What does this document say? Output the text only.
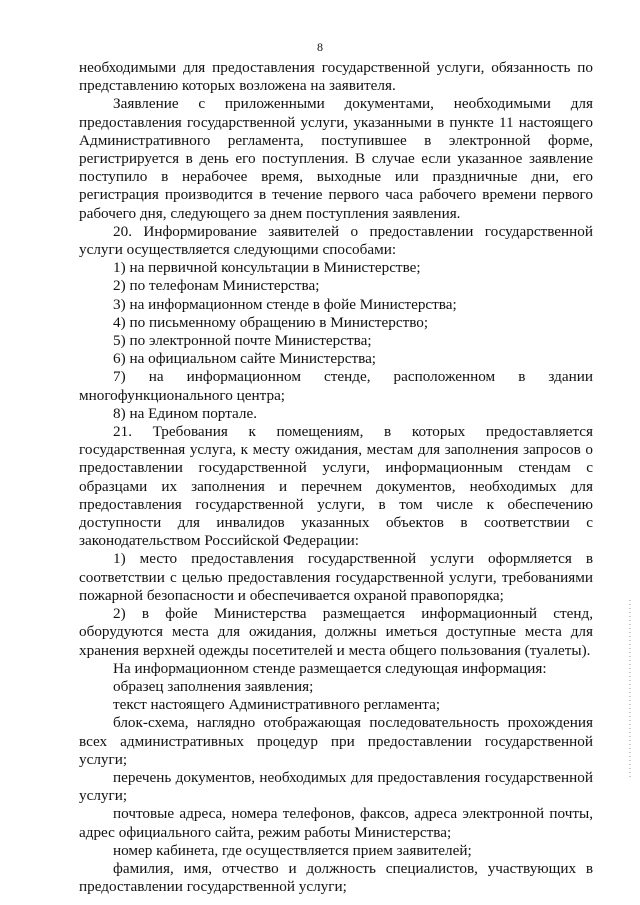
8

необходимыми для предоставления государственной услуги, обязанность по представлению которых возложена на заявителя.

Заявление с приложенными документами, необходимыми для предоставления государственной услуги, указанными в пункте 11 настоящего Административного регламента, поступившее в электронной форме, регистрируется в день его поступления. В случае если указанное заявление поступило в нерабочее время, выходные или праздничные дни, его регистрация производится в течение первого часа рабочего времени первого рабочего дня, следующего за днем поступления заявления.

20. Информирование заявителей о предоставлении государственной услуги осуществляется следующими способами:

1) на первичной консультации в Министерстве;

2) по телефонам Министерства;

3) на информационном стенде в фойе Министерства;

4) по письменному обращению в Министерство;

5) по электронной почте Министерства;

6) на официальном сайте Министерства;

7) на информационном стенде, расположенном в здании многофункционального центра;

8) на Едином портале.

21. Требования к помещениям, в которых предоставляется государственная услуга, к месту ожидания, местам для заполнения запросов о предоставлении государственной услуги, информационным стендам с образцами их заполнения и перечнем документов, необходимых для предоставления государственной услуги, в том числе к обеспечению доступности для инвалидов указанных объектов в соответствии с законодательством Российской Федерации:

1) место предоставления государственной услуги оформляется в соответствии с целью предоставления государственной услуги, требованиями пожарной безопасности и обеспечивается охраной правопорядка;

2) в фойе Министерства размещается информационный стенд, оборудуются места для ожидания, должны иметься доступные места для хранения верхней одежды посетителей и места общего пользования (туалеты).

На информационном стенде размещается следующая информация:

образец заполнения заявления;

текст настоящего Административного регламента;

блок-схема, наглядно отображающая последовательность прохождения всех административных процедур при предоставлении государственной услуги;

перечень документов, необходимых для предоставления государственной услуги;

почтовые адреса, номера телефонов, факсов, адреса электронной почты, адрес официального сайта, режим работы Министерства;

номер кабинета, где осуществляется прием заявителей;

фамилия, имя, отчество и должность специалистов, участвующих в предоставлении государственной услуги;
